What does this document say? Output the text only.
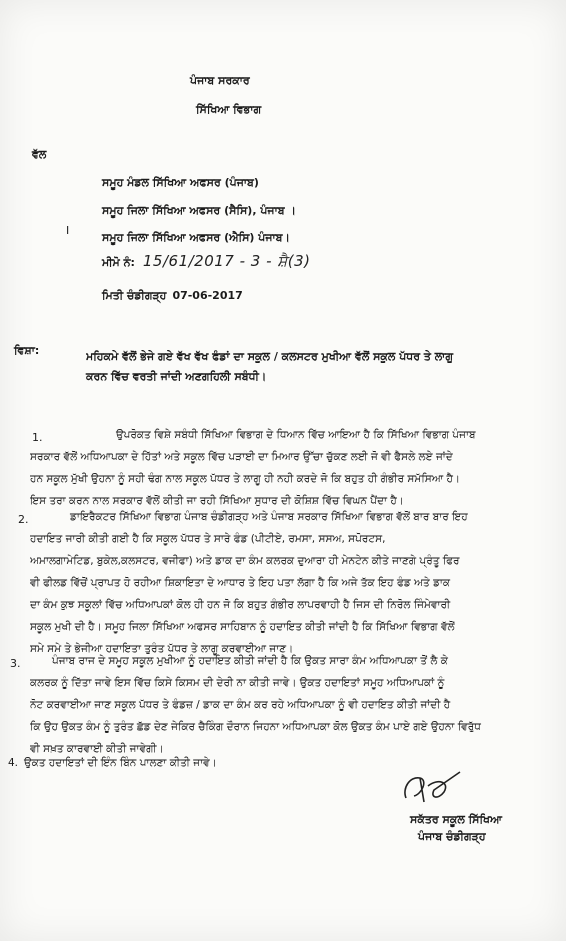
ਪੰਜਾਬ ਸਰਕਾਰ
ਸਿੱਖਿਆ ਵਿਭਾਗ
ਵੱਲ
ਸਮੂਹ ਮੰਡਲ ਸਿੱਖਿਆ ਅਫਸਰ (ਪੰਜਾਬ)
ਸਮੂਹ ਜਿਲਾ ਸਿੱਖਿਆ ਅਫਸਰ (ਸੈਸਿ), ਪੰਜਾਬ ।
I
ਸਮੂਹ ਜਿਲਾ ਸਿੱਖਿਆ ਅਫਸਰ (ਐਸਿ) ਪੰਜਾਬ।
ਮੀਮੋ ਨੰ: 15/61/2017 - 3 - ਸ਼ੈ(3)
ਮਿਤੀ ਚੰਡੀਗੜ੍ਹ 07-06-2017
ਵਿਸ਼ਾ:	ਮਹਿਕਮੇ ਵੱਲੋਂ ਭੇਜੇ ਗਏ ਵੱਖ ਵੱਖ ਫੰਡਾਂ ਦਾ ਸਕੂਲ / ਕਲਸਟਰ ਮੁਖੀਆ ਵੱਲੋਂ ਸਕੂਲ ਪੱਧਰ ਤੇ ਲਾਗੂ
ਕਰਨ ਵਿੱਚ ਵਰਤੀ ਜਾਂਦੀ ਅਣਗਹਿਲੀ ਸਬੰਧੀ।
1.	ਉਪਰੋਕਤ ਵਿਸ਼ੇ ਸਬੰਧੀ ਸਿੱਖਿਆ ਵਿਭਾਗ ਦੇ ਧਿਆਨ ਵਿੱਚ ਆਇਆ ਹੈ ਕਿ ਸਿੱਖਿਆ ਵਿਭਾਗ ਪੰਜਾਬ
ਸਰਕਾਰ ਵੱਲੋਂ ਅਧਿਆਪਕਾ ਦੇ ਹਿੱਤਾਂ ਅਤੇ ਸਕੂਲ ਵਿੱਚ ਪੜਾਈ ਦਾ ਮਿਆਰ ਉੱਚਾ ਚੁੱਕਣ ਲਈ ਜੋ ਵੀ ਫੈਸਲੇ ਲਏ ਜਾਂਦੇ
ਹਨ ਸਕੂਲ ਮੁੱਖੀ ਉਹਨਾ ਨੂੰ ਸਹੀ ਢੰਗ ਨਾਲ ਸਕੂਲ ਪੱਧਰ ਤੇ ਲਾਗੂ ਹੀ ਨਹੀ ਕਰਦੇ ਜੋ ਕਿ ਬਹੁਤ ਹੀ ਗੰਭੀਰ ਸਮੱਸਿਆ ਹੈ।
ਇਸ ਤਰਾ ਕਰਨ ਨਾਲ ਸਰਕਾਰ ਵੱਲੋਂ ਕੀਤੀ ਜਾ ਰਹੀ ਸਿੱਖਿਆ ਸੁਧਾਰ ਦੀ ਕੋਸ਼ਿਸ਼ ਵਿੱਚ ਵਿਘਨ ਪੈਂਦਾ ਹੈ।
2.	ਡਾਇਰੈਕਟਰ ਸਿੱਖਿਆ ਵਿਭਾਗ ਪੰਜਾਬ ਚੰਡੀਗੜ੍ਹ ਅਤੇ ਪੰਜਾਬ ਸਰਕਾਰ ਸਿੱਖਿਆ ਵਿਭਾਗ ਵੱਲੋਂ ਬਾਰ ਬਾਰ ਇਹ
ਹਦਾਇਤ ਜਾਰੀ ਕੀਤੀ ਗਈ ਹੈ ਕਿ ਸਕੂਲ ਪੱਧਰ ਤੇ ਸਾਰੇ ਫੰਡ (ਪੀਟੀਏ, ਰਮਸਾ, ਸਸਅ, ਸਪੋਰਟਸ,
ਅਮਾਲਗਾਮੇਟਿਡ, ਬੁਕੇਲ,ਕਲਸਟਰ, ਵਜੀਫਾ) ਅਤੇ ਡਾਕ ਦਾ ਕੰਮ ਕਲਰਕ ਦੁਆਰਾ ਹੀ ਮੇਨਟੇਨ ਕੀਤੇ ਜਾਣਗੇ ਪ੍ਰੰਤੂ ਫਿਰ
ਵੀ ਫੀਲਡ ਵਿੱਚੋਂ ਪ੍ਰਾਪਤ ਹੋ ਰਹੀਆ ਸ਼ਿਕਾਇਤਾ ਦੇ ਆਧਾਰ ਤੇ ਇਹ ਪਤਾ ਲੱਗਾ ਹੈ ਕਿ ਅਜੇ ਤੱਕ ਇਹ ਫੰਡ ਅਤੇ ਡਾਕ
ਦਾ ਕੰਮ ਕੁਝ ਸਕੂਲਾਂ ਵਿੱਚ ਅਧਿਆਪਕਾਂ ਕੋਲ ਹੀ ਹਨ ਜੋ ਕਿ ਬਹੁਤ ਗੰਭੀਰ ਲਾਪਰਵਾਹੀ ਹੈ ਜਿਸ ਦੀ ਨਿਰੋਲ ਜਿੰਮੇਵਾਰੀ
ਸਕੂਲ ਮੁਖੀ ਦੀ ਹੈ। ਸਮੂਹ ਜਿਲਾ ਸਿੱਖਿਆ ਅਫਸਰ ਸਾਹਿਬਾਨ ਨੂੰ ਹਦਾਇਤ ਕੀਤੀ ਜਾਂਦੀ ਹੈ ਕਿ ਸਿੱਖਿਆ ਵਿਭਾਗ ਵੱਲੋਂ
ਸਮੇ ਸਮੇ ਤੇ ਭੇਜੀਆ ਹਦਾਇਤਾ ਤੁਰੰਤ ਪੱਧਰ ਤੇ ਲਾਗੂ ਕਰਵਾਈਆ ਜਾਣ।
3.	ਪੰਜਾਬ ਰਾਜ ਦੇ ਸਮੂਹ ਸਕੂਲ ਮੁਖੀਆ ਨੂੰ ਹਦਾਇਤ ਕੀਤੀ ਜਾਂਦੀ ਹੈ ਕਿ ਉਕਤ ਸਾਰਾ ਕੰਮ ਅਧਿਆਪਕਾ ਤੋਂ ਲੈ ਕੇ
ਕਲਰਕ ਨੂੰ ਦਿੱਤਾ ਜਾਵੇ ਇਸ ਵਿੱਚ ਕਿਸੇ ਕਿਸਮ ਦੀ ਦੇਰੀ ਨਾ ਕੀਤੀ ਜਾਵੇ। ਉਕਤ ਹਦਾਇਤਾਂ ਸਮੂਹ ਅਧਿਆਪਕਾਂ ਨੂੰ
ਨੋਟ ਕਰਵਾਈਆ ਜਾਣ ਸਕੂਲ ਪੱਧਰ ਤੇ ਫੰਡਜ਼ / ਡਾਕ ਦਾ ਕੰਮ ਕਰ ਰਹੇ ਅਧਿਆਪਕਾ ਨੂੰ ਵੀ ਹਦਾਇਤ ਕੀਤੀ ਜਾਂਦੀ ਹੈ
ਕਿ ਉਹ ਉਕਤ ਕੰਮ ਨੂੰ ਤੁਰੰਤ ਛੱਡ ਦੇਣ ਜੇਕਿਰ ਚੈਕਿੰਗ ਦੌਰਾਨ ਜਿਹਨਾ ਅਧਿਆਪਕਾ ਕੋਲ ਉਕਤ ਕੰਮ ਪਾਏ ਗਏ ਉਹਨਾ ਵਿਰੁੱਧ
ਵੀ ਸਖ਼ਤ ਕਾਰਵਾਈ ਕੀਤੀ ਜਾਵੇਗੀ।
4. ਉਕਤ ਹਦਾਇਤਾਂ ਦੀ ਇੰਨ ਬਿੰਨ ਪਾਲਣਾ ਕੀਤੀ ਜਾਵੇ।
ਸਕੱਤਰ ਸਕੂਲ ਸਿੱਖਿਆ
ਪੰਜਾਬ ਚੰਡੀਗੜ੍ਹ
